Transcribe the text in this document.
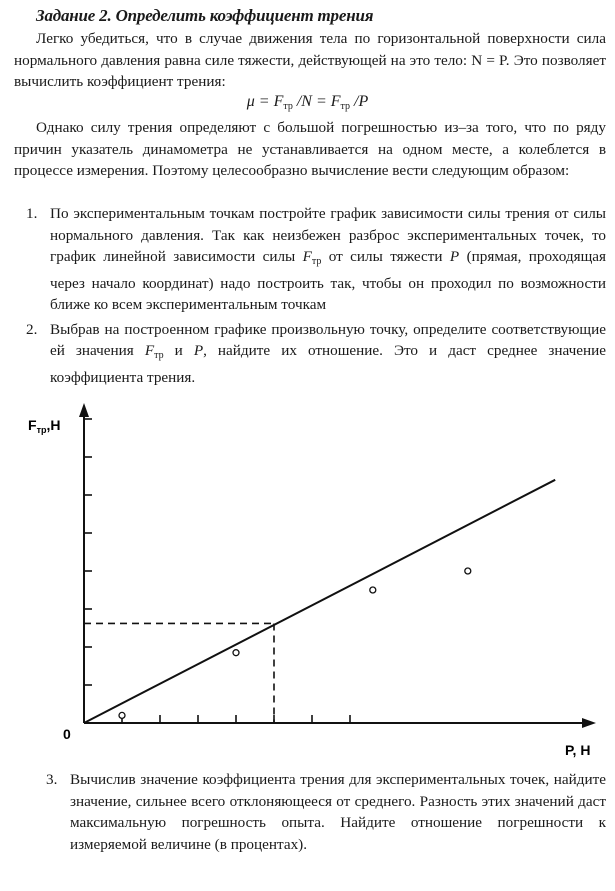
Задание 2. Определить коэффициент трения
Легко убедиться, что в случае движения тела по горизонтальной поверхности сила нормального давления равна силе тяжести, действующей на это тело: N = P. Это позволяет вычислить коэффициент трения:
$\mu = F_{тр}$ $/N = F_{тр}$ /P
Однако силу трения определяют с большой погрешностью из–за того, что по ряду причин указатель динамометра не устанавливается на одном месте, а колеблется в процессе измерения. Поэтому целесообразно вычисление вести следующим образом:
1. По экспериментальным точкам постройте график зависимости силы трения от силы нормального давления. Так как неизбежен разброс экспериментальных точек, то график линейной зависимости силы $F_{тр}$ от силы тяжести P (прямая, проходящая через начало координат) надо построить так, чтобы он проходил по возможности ближе ко всем экспериментальным точкам
2. Выбрав на построенном графике произвольную точку, определите соответствующие ей значения $F_{тр}$ и P, найдите их отношение. Это и даст среднее значение коэффициента трения.
$F_{тр},Н$
0
P, Н
3. Вычислив значение коэффициента трения для экспериментальных точек, найдите значение, сильнее всего отклоняющееся от среднего. Разность этих значений даст максимальную погрешность опыта. Найдите отношение погрешности к измеряемой величине (в процентах).
